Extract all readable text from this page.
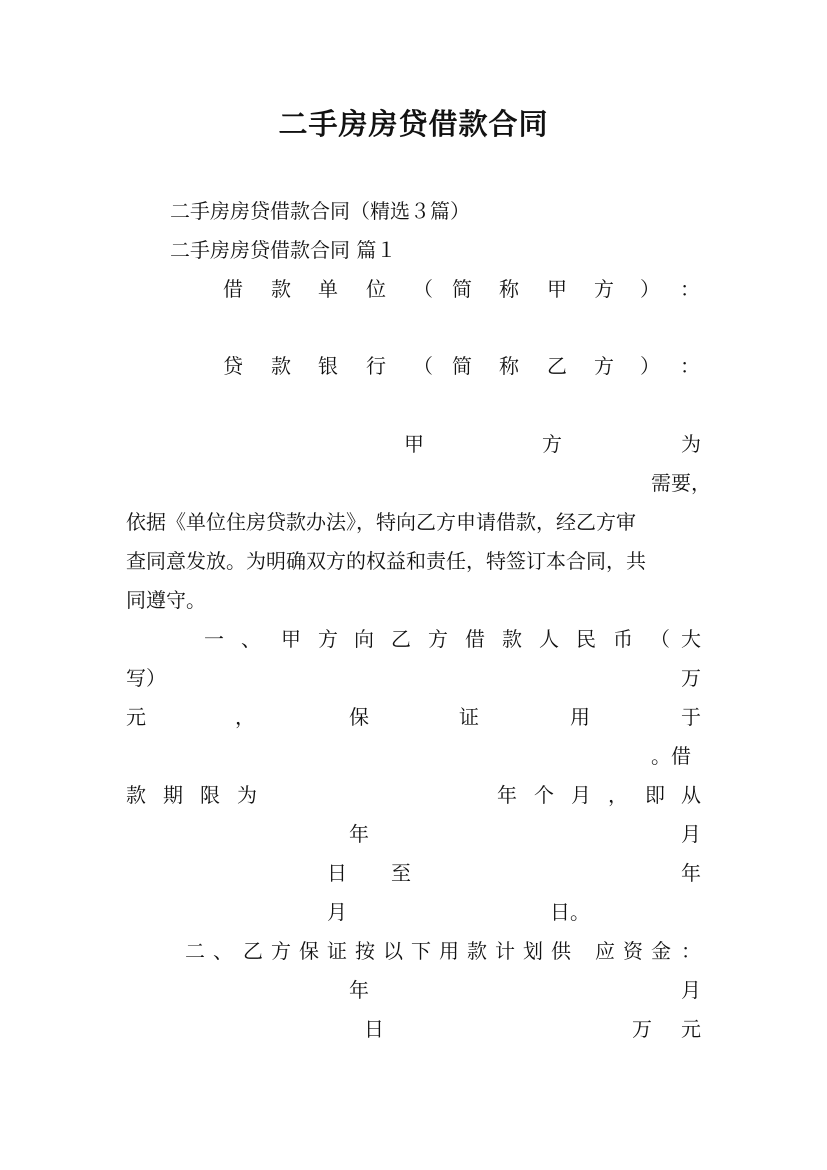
二手房房贷借款合同
二手房房贷借款合同（精选３篇）
二手房房贷借款合同 篇１
借 款 单 位 （ 简 称 甲 方 ） ：
贷 款 银 行 （ 简 称 乙 方 ） ：
甲	方	为
需要，
依据《单位住房贷款办法》，特向乙方申请借款，经乙方审
查同意发放。为明确双方的权益和责任，特签订本合同，共
同遵守。
一 、 甲 方 向 乙 方 借 款 人 民 币 （ 大
写）	万
元	，	保	证	用	于
。借
款 期 限 为	年 个 月 ， 即 从
年	月
日 至	年
月	日。
二 、 乙 方 保 证 按 以 下 用 款 计 划 供 应 资 金 ：
年	月
日	万 元
